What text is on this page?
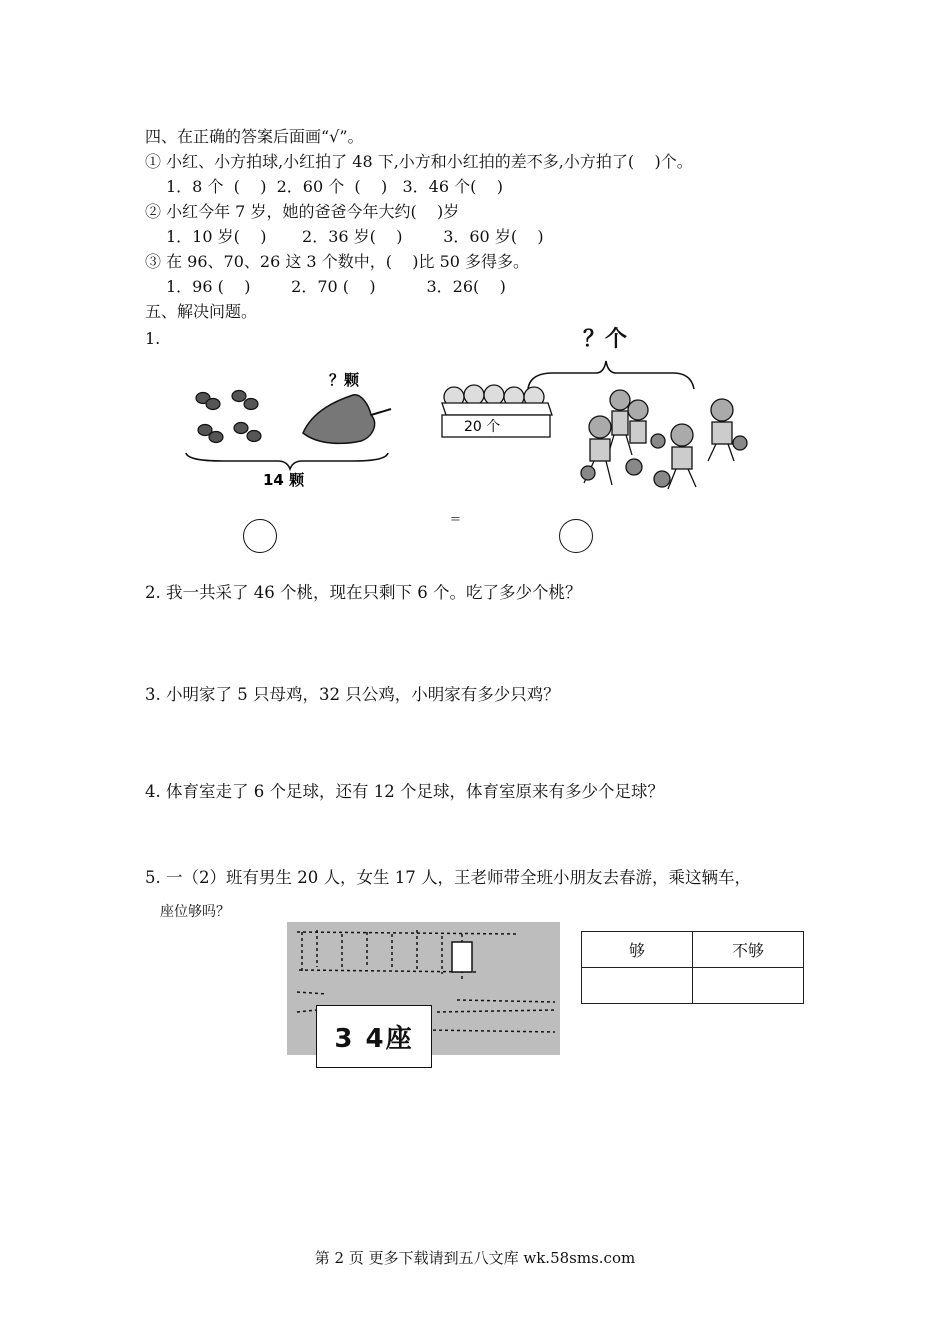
四、在正确的答案后面画“√”。
① 小红、小方拍球,小红拍了 48 下,小方和小红拍的差不多,小方拍了(    )个。
1．8 个  (    )  2．60 个  (    )   3．46 个(    )
② 小红今年 7 岁，她的爸爸今年大约(    )岁
1．10 岁(    )       2．36 岁(    )        3．60 岁(    )
③ 在 96、70、26 这 3 个数中，(    )比 50 多得多。
1．96 (    )        2．70 (    )          3．26(    )
五、解决问题。
1.
？颗
14 颗
？个
20 个
=
2. 我一共采了 46 个桃，现在只剩下 6 个。吃了多少个桃？
3. 小明家了 5 只母鸡，32 只公鸡，小明家有多少只鸡？
4. 体育室走了 6 个足球，还有 12 个足球，体育室原来有多少个足球？
5. 一（2）班有男生 20 人，女生 17 人，王老师带全班小朋友去春游，乘这辆车，
座位够吗？
3 4座
够	不够

第 2 页 更多下载请到五八文库 wk.58sms.com
